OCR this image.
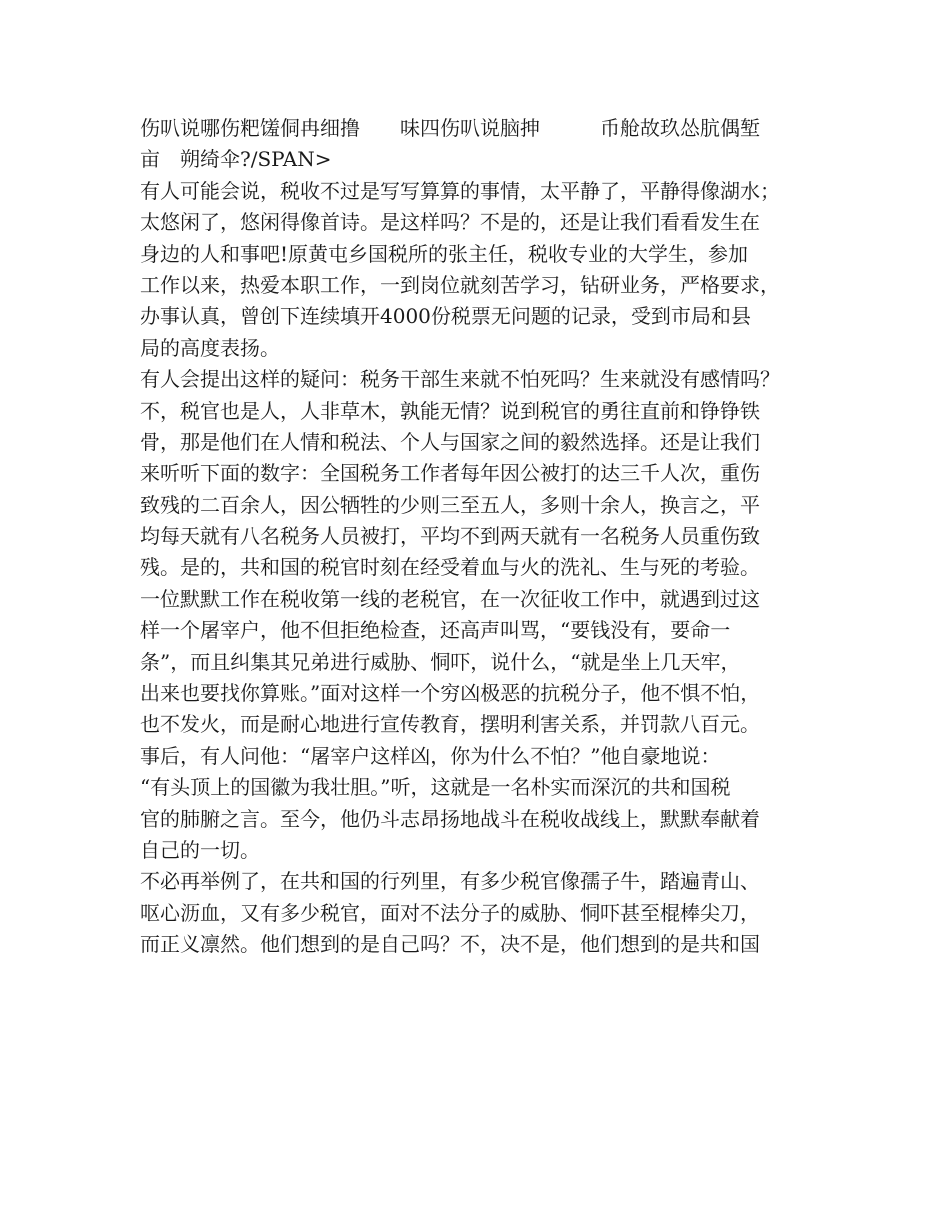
伤叭说哪伤粑馐侗冉细撸　　味四伤叭说脑抻　　　币舱故玖怂肮偶堑
亩　朔绮伞?/SPAN>
有人可能会说，税收不过是写写算算的事情，太平静了，平静得像湖水；
太悠闲了，悠闲得像首诗。是这样吗？不是的，还是让我们看看发生在
身边的人和事吧!原黄屯乡国税所的张主任，税收专业的大学生，参加
工作以来，热爱本职工作，一到岗位就刻苦学习，钻研业务，严格要求，
办事认真，曾创下连续填开4000份税票无问题的记录，受到市局和县
局的高度表扬。
有人会提出这样的疑问：税务干部生来就不怕死吗？生来就没有感情吗？
不，税官也是人，人非草木，孰能无情？说到税官的勇往直前和铮铮铁
骨，那是他们在人情和税法、个人与国家之间的毅然选择。还是让我们
来听听下面的数字：全国税务工作者每年因公被打的达三千人次，重伤
致残的二百余人，因公牺牲的少则三至五人，多则十余人，换言之，平
均每天就有八名税务人员被打，平均不到两天就有一名税务人员重伤致
残。是的，共和国的税官时刻在经受着血与火的洗礼、生与死的考验。
一位默默工作在税收第一线的老税官，在一次征收工作中，就遇到过这
样一个屠宰户，他不但拒绝检查，还高声叫骂，“要钱没有，要命一
条”，而且纠集其兄弟进行威胁、恫吓，说什么，“就是坐上几天牢，
出来也要找你算账。”面对这样一个穷凶极恶的抗税分子，他不惧不怕，
也不发火，而是耐心地进行宣传教育，摆明利害关系，并罚款八百元。
事后，有人问他：“屠宰户这样凶，你为什么不怕？”他自豪地说：
“有头顶上的国徽为我壮胆。”听，这就是一名朴实而深沉的共和国税
官的肺腑之言。至今，他仍斗志昂扬地战斗在税收战线上，默默奉献着
自己的一切。
不必再举例了，在共和国的行列里，有多少税官像孺子牛，踏遍青山、
呕心沥血，又有多少税官，面对不法分子的威胁、恫吓甚至棍棒尖刀，
而正义凛然。他们想到的是自己吗？不，决不是，他们想到的是共和国
